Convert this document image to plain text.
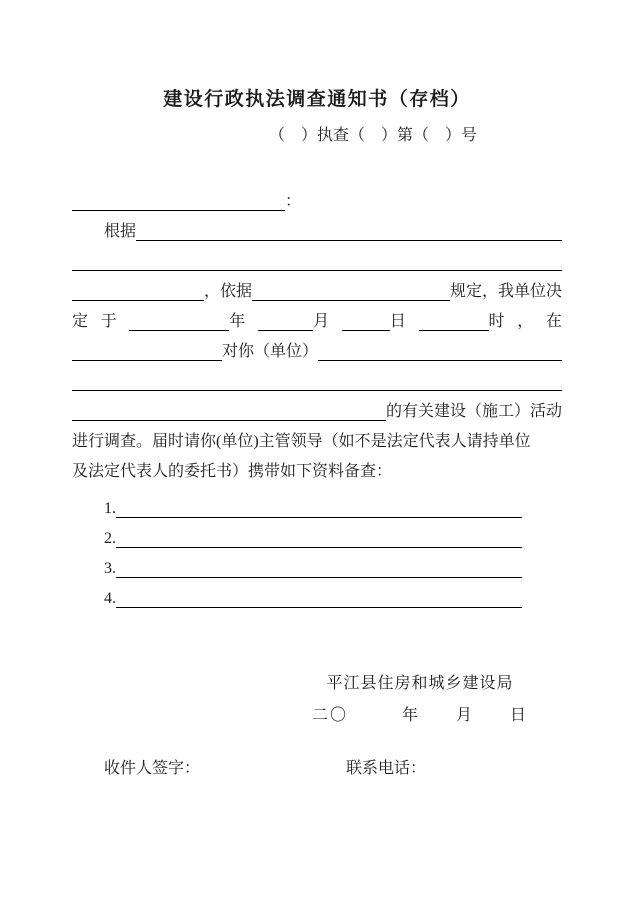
建设行政执法调查通知书（存档）
（　）执查（　）第（　）号
：
根据
，依据	规定，我单位决
定 于	年	月	日	时 ， 在
对你（单位）
的有关建设（施工）活动
进行调查。届时请你(单位)主管领导（如不是法定代表人请持单位
及法定代表人的委托书）携带如下资料备查：
1.
2.
3.
4.
平江县住房和城乡建设局
二〇　　　年　　月　　日
收件人签字：	联系电话：
